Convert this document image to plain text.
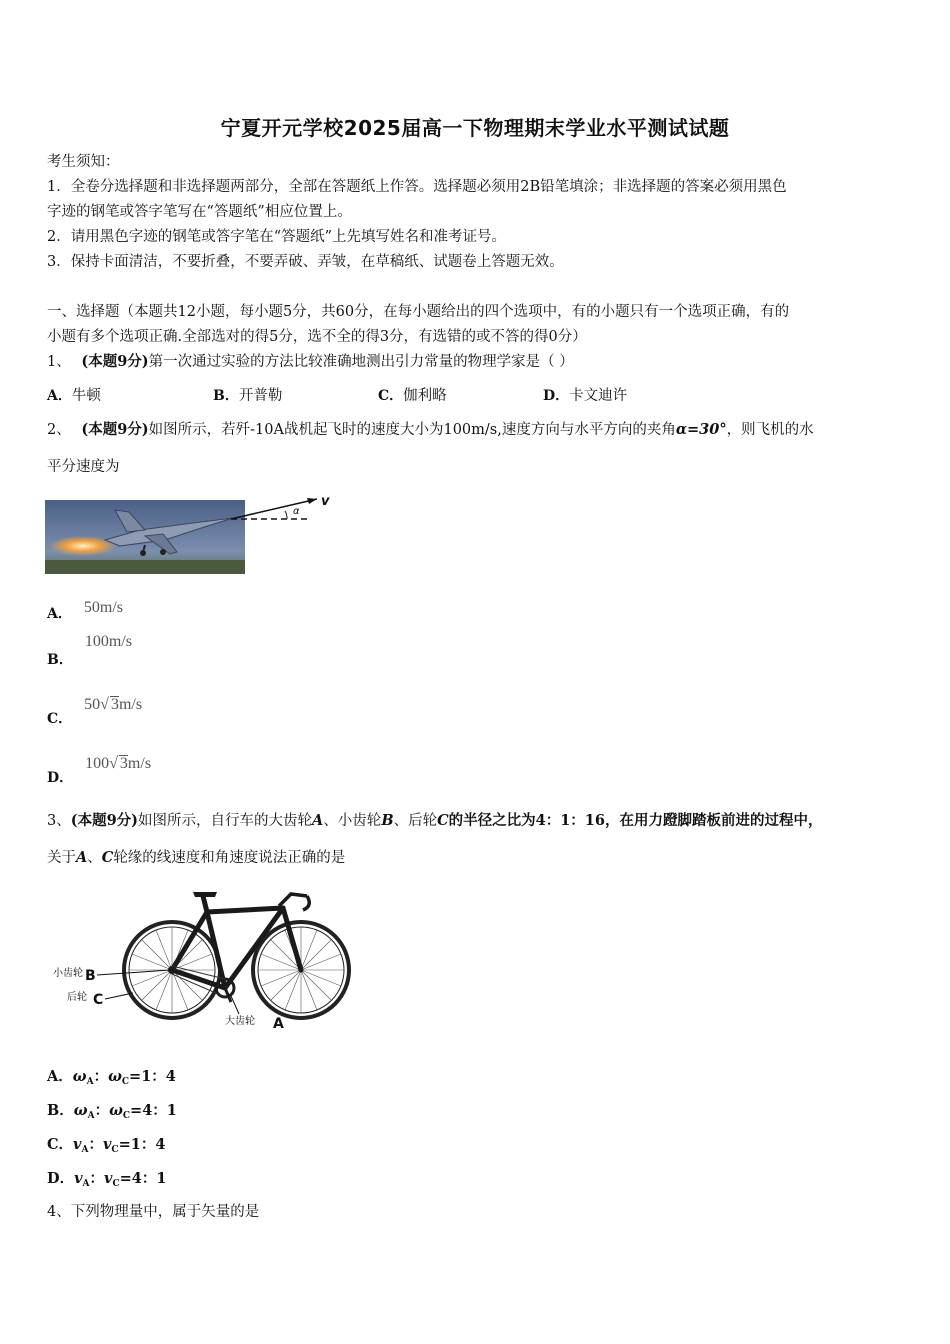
宁夏开元学校2025届高一下物理期末学业水平测试试题
考生须知：
1．全卷分选择题和非选择题两部分，全部在答题纸上作答。选择题必须用2B铅笔填涂；非选择题的答案必须用黑色
字迹的钢笔或答字笔写在“答题纸”相应位置上。
2．请用黑色字迹的钢笔或答字笔在“答题纸”上先填写姓名和准考证号。
3．保持卡面清洁，不要折叠，不要弄破、弄皱，在草稿纸、试题卷上答题无效。
一、选择题（本题共12小题，每小题5分，共60分，在每小题给出的四个选项中，有的小题只有一个选项正确，有的
小题有多个选项正确.全部选对的得5分，选不全的得3分，有选错的或不答的得0分）
1、 (本题9分)第一次通过实验的方法比较准确地测出引力常量的物理学家是（ ）
A．牛顿	B．开普勒	C．伽利略	D．卡文迪许
2、 (本题9分)如图所示，若歼-10A战机起飞时的速度大小为100m/s,速度方向与水平方向的夹角α=30°，则飞机的水
平分速度为
α
v
A． 50m/s
B．100m/s
C．50√ 3m/s
D．100√ 3m/s
3、(本题9分)如图所示，自行车的大齿轮A、小齿轮B、后轮C的半径之比为4：1：16，在用力蹬脚踏板前进的过程中，
关于A、C轮缘的线速度和角速度说法正确的是
小齿轮 B
后轮 C
大齿轮 A
A．$\omega_A$：$\omega_C=1$：4
B．$\omega_A$：$\omega_C=4$：1
C．$v_A$：$v_C=1$：4
D．$v_A$：$v_C=4$：1
4、下列物理量中，属于矢量的是
